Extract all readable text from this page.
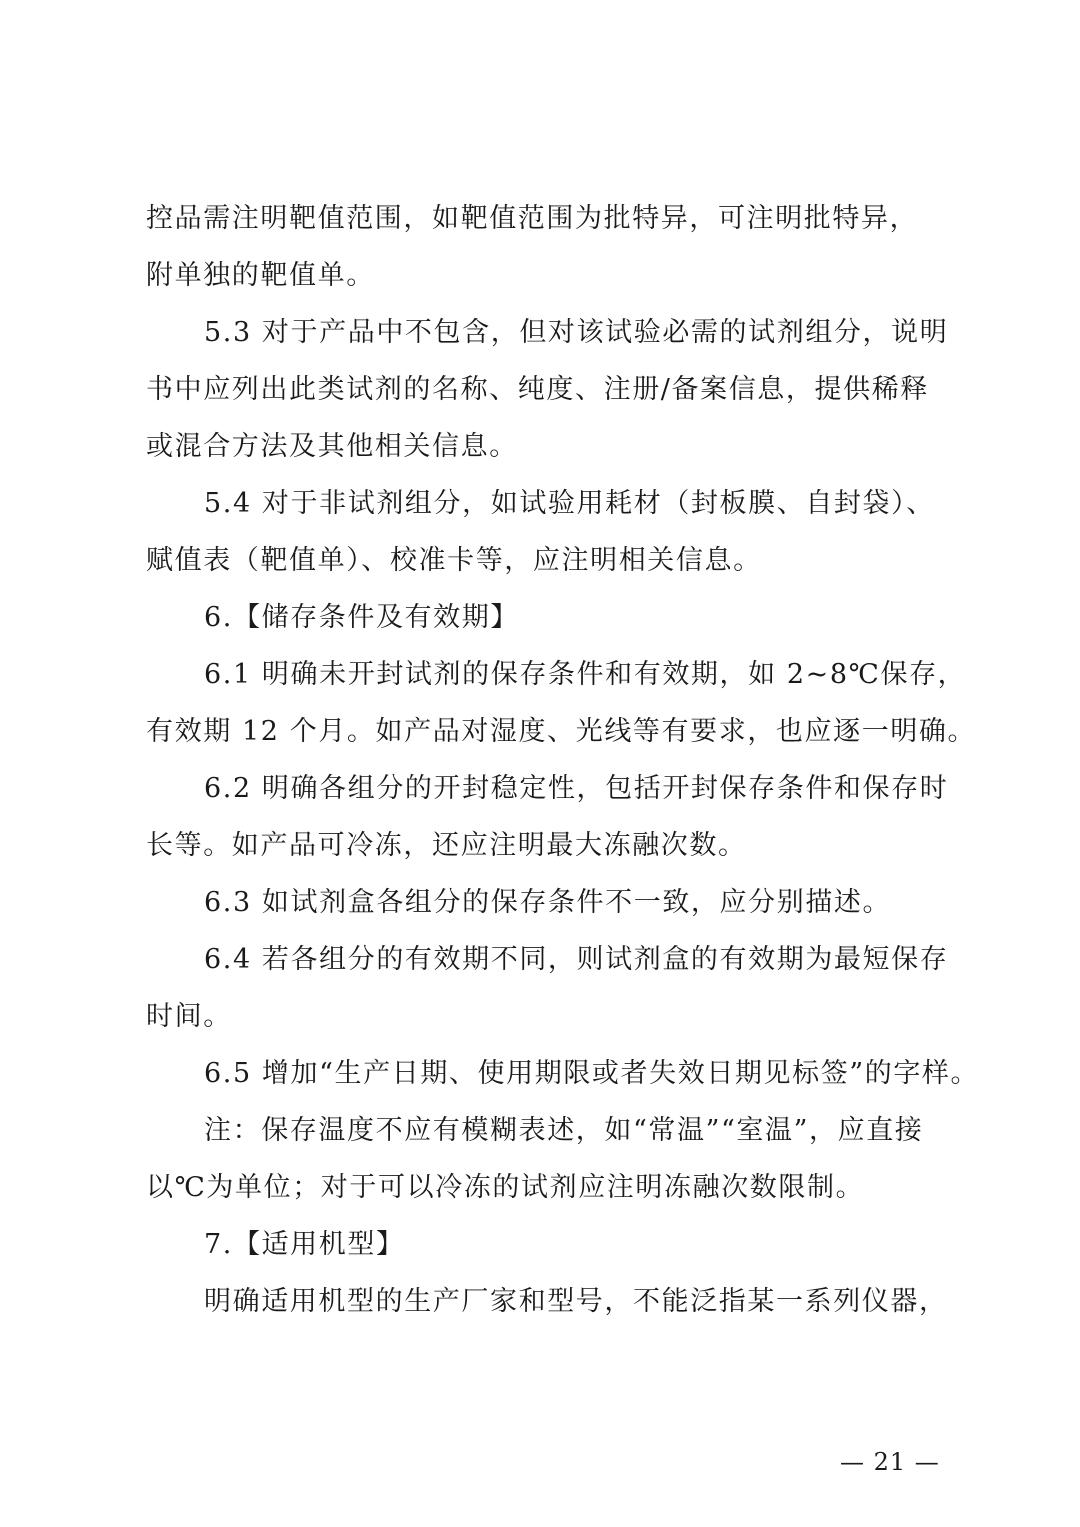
控品需注明靶值范围，如靶值范围为批特异，可注明批特异，
附单独的靶值单。
5.3 对于产品中不包含，但对该试验必需的试剂组分，说明
书中应列出此类试剂的名称、纯度、注册/备案信息，提供稀释
或混合方法及其他相关信息。
5.4 对于非试剂组分，如试验用耗材（封板膜、自封袋）、
赋值表（靶值单）、校准卡等，应注明相关信息。
6.【储存条件及有效期】
6.1 明确未开封试剂的保存条件和有效期，如 2~8℃保存，
有效期 12 个月。如产品对湿度、光线等有要求，也应逐一明确。
6.2 明确各组分的开封稳定性，包括开封保存条件和保存时
长等。如产品可冷冻，还应注明最大冻融次数。
6.3 如试剂盒各组分的保存条件不一致，应分别描述。
6.4 若各组分的有效期不同，则试剂盒的有效期为最短保存
时间。
6.5 增加“生产日期、使用期限或者失效日期见标签”的字样。
注：保存温度不应有模糊表述，如“常温”“室温”，应直接
以℃为单位；对于可以冷冻的试剂应注明冻融次数限制。
7.【适用机型】
明确适用机型的生产厂家和型号，不能泛指某一系列仪器，
— 21 —
